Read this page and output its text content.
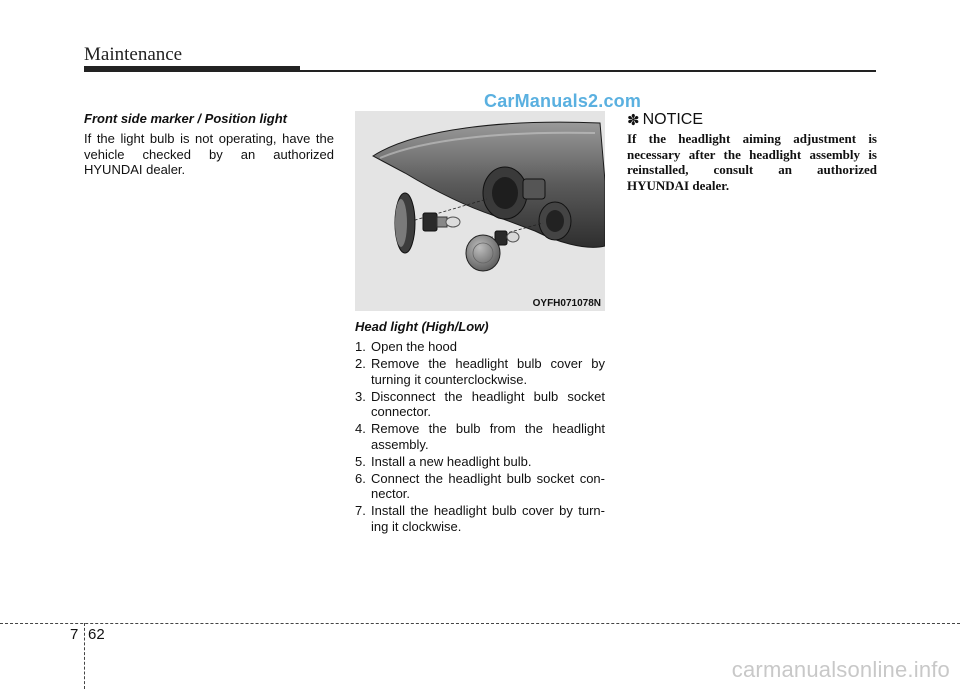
Maintenance
CarManuals2.com

Front side marker / Position light

If the light bulb is not operating, have the vehicle checked by an authorized HYUNDAI dealer.

OYFH071078N

Head light (High/Low)

1. Open the hood
2. Remove the headlight bulb cover by turning it counterclockwise.
3. Disconnect the headlight bulb socket connector.
4. Remove the bulb from the headlight assembly.
5. Install a new headlight bulb.
6. Connect the headlight bulb socket con- nector.
7. Install the headlight bulb cover by turn- ing it clockwise.
✽ NOTICE

If the headlight aiming adjustment is necessary after the headlight assembly is reinstalled, consult an authorized HYUNDAI dealer.

7 62
carmanualsonline.info
